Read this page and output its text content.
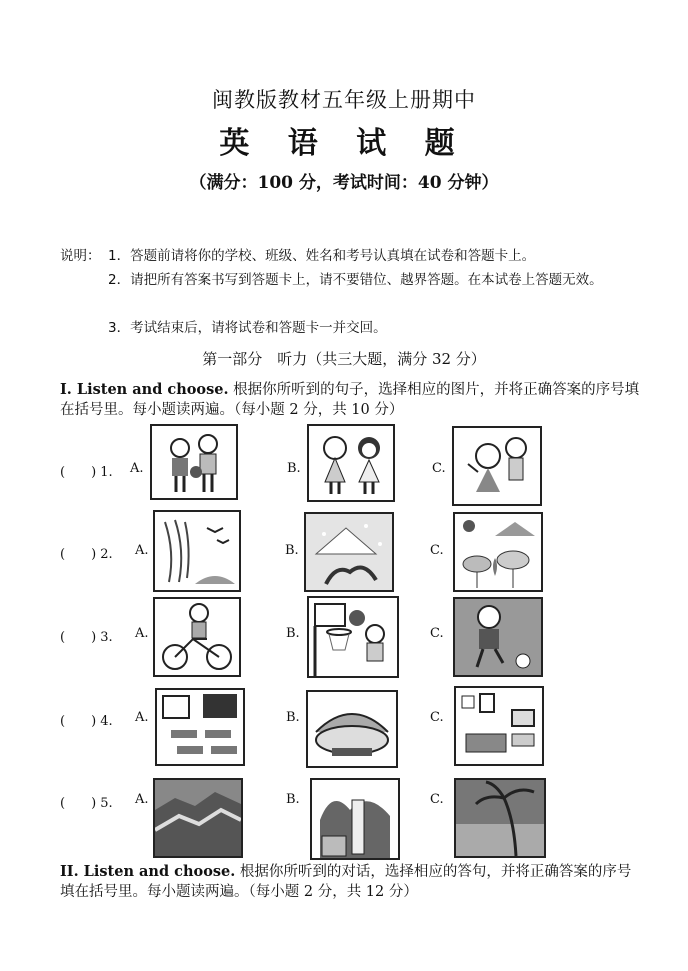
闽教版教材五年级上册期中
英 语 试 题
（满分：100 分，考试时间：40 分钟）
说明： 1．答题前请将你的学校、班级、姓名和考号认真填在试卷和答题卡上。
2．请把所有答案书写到答题卡上，请不要错位、越界答题。在本试卷上答题无效。
3．考试结束后，请将试卷和答题卡一并交回。
第一部分　听力（共三大题，满分 32 分）
I. Listen and choose. 根据你所听到的句子，选择相应的图片，并将正确答案的序号填在括号里。每小题读两遍。（每小题 2 分，共 10 分）
(　　) 1. A.	B.	C.
(　　) 2. A.	B.	C.
(　　) 3. A.	B.	C.
(　　) 4. A.	B.	C.
(　　) 5. A.	B.	C.
II. Listen and choose. 根据你所听到的对话，选择相应的答句，并将正确答案的序号填在括号里。每小题读两遍。（每小题 2 分，共 12 分）
